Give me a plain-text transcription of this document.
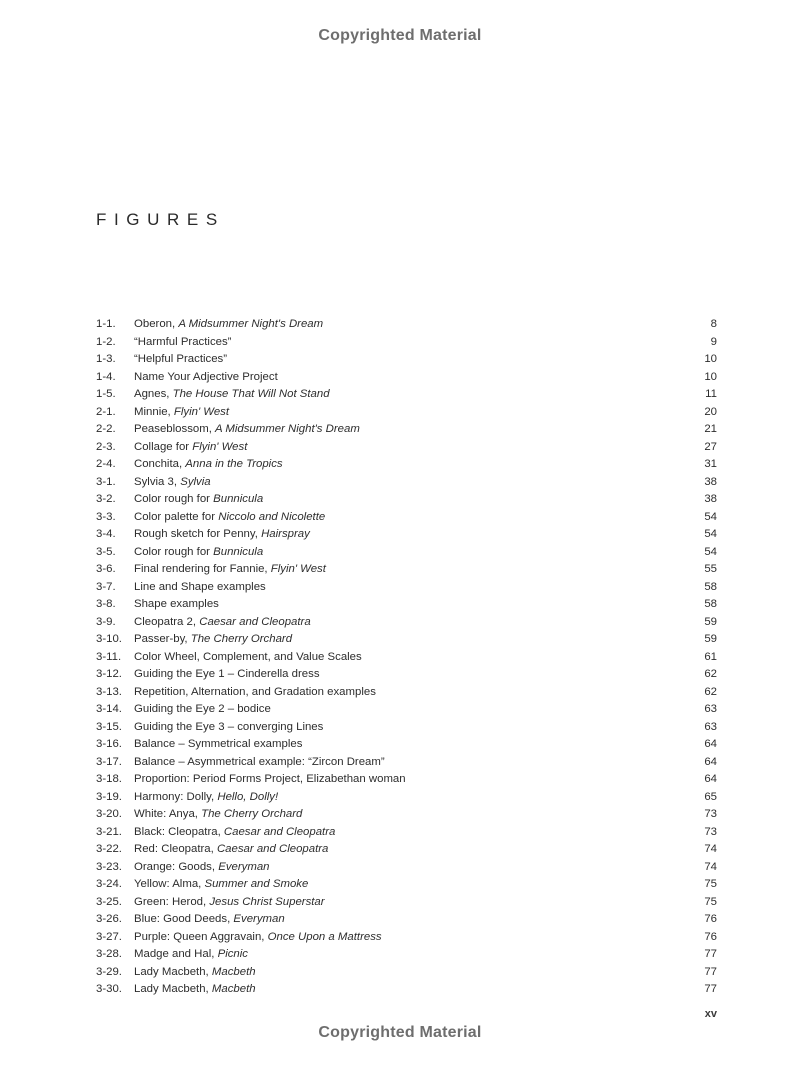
Copyrighted Material
FIGURES
1-1. Oberon, A Midsummer Night's Dream	8
1-2. “Harmful Practices”	9
1-3. “Helpful Practices”	10
1-4. Name Your Adjective Project	10
1-5. Agnes, The House That Will Not Stand	11
2-1. Minnie, Flyin' West	20
2-2. Peaseblossom, A Midsummer Night's Dream	21
2-3. Collage for Flyin' West	27
2-4. Conchita, Anna in the Tropics	31
3-1. Sylvia 3, Sylvia	38
3-2. Color rough for Bunnicula	38
3-3. Color palette for Niccolo and Nicolette	54
3-4. Rough sketch for Penny, Hairspray	54
3-5. Color rough for Bunnicula	54
3-6. Final rendering for Fannie, Flyin' West	55
3-7. Line and Shape examples	58
3-8. Shape examples	58
3-9. Cleopatra 2, Caesar and Cleopatra	59
3-10. Passer-by, The Cherry Orchard	59
3-11. Color Wheel, Complement, and Value Scales	61
3-12. Guiding the Eye 1 – Cinderella dress	62
3-13. Repetition, Alternation, and Gradation examples	62
3-14. Guiding the Eye 2 – bodice	63
3-15. Guiding the Eye 3 – converging Lines	63
3-16. Balance – Symmetrical examples	64
3-17. Balance – Asymmetrical example: “Zircon Dream”	64
3-18. Proportion: Period Forms Project, Elizabethan woman	64
3-19. Harmony: Dolly, Hello, Dolly!	65
3-20. White: Anya, The Cherry Orchard	73
3-21. Black: Cleopatra, Caesar and Cleopatra	73
3-22. Red: Cleopatra, Caesar and Cleopatra	74
3-23. Orange: Goods, Everyman	74
3-24. Yellow: Alma, Summer and Smoke	75
3-25. Green: Herod, Jesus Christ Superstar	75
3-26. Blue: Good Deeds, Everyman	76
3-27. Purple: Queen Aggravain, Once Upon a Mattress	76
3-28. Madge and Hal, Picnic	77
3-29. Lady Macbeth, Macbeth	77
3-30. Lady Macbeth, Macbeth	77
xv
Copyrighted Material
